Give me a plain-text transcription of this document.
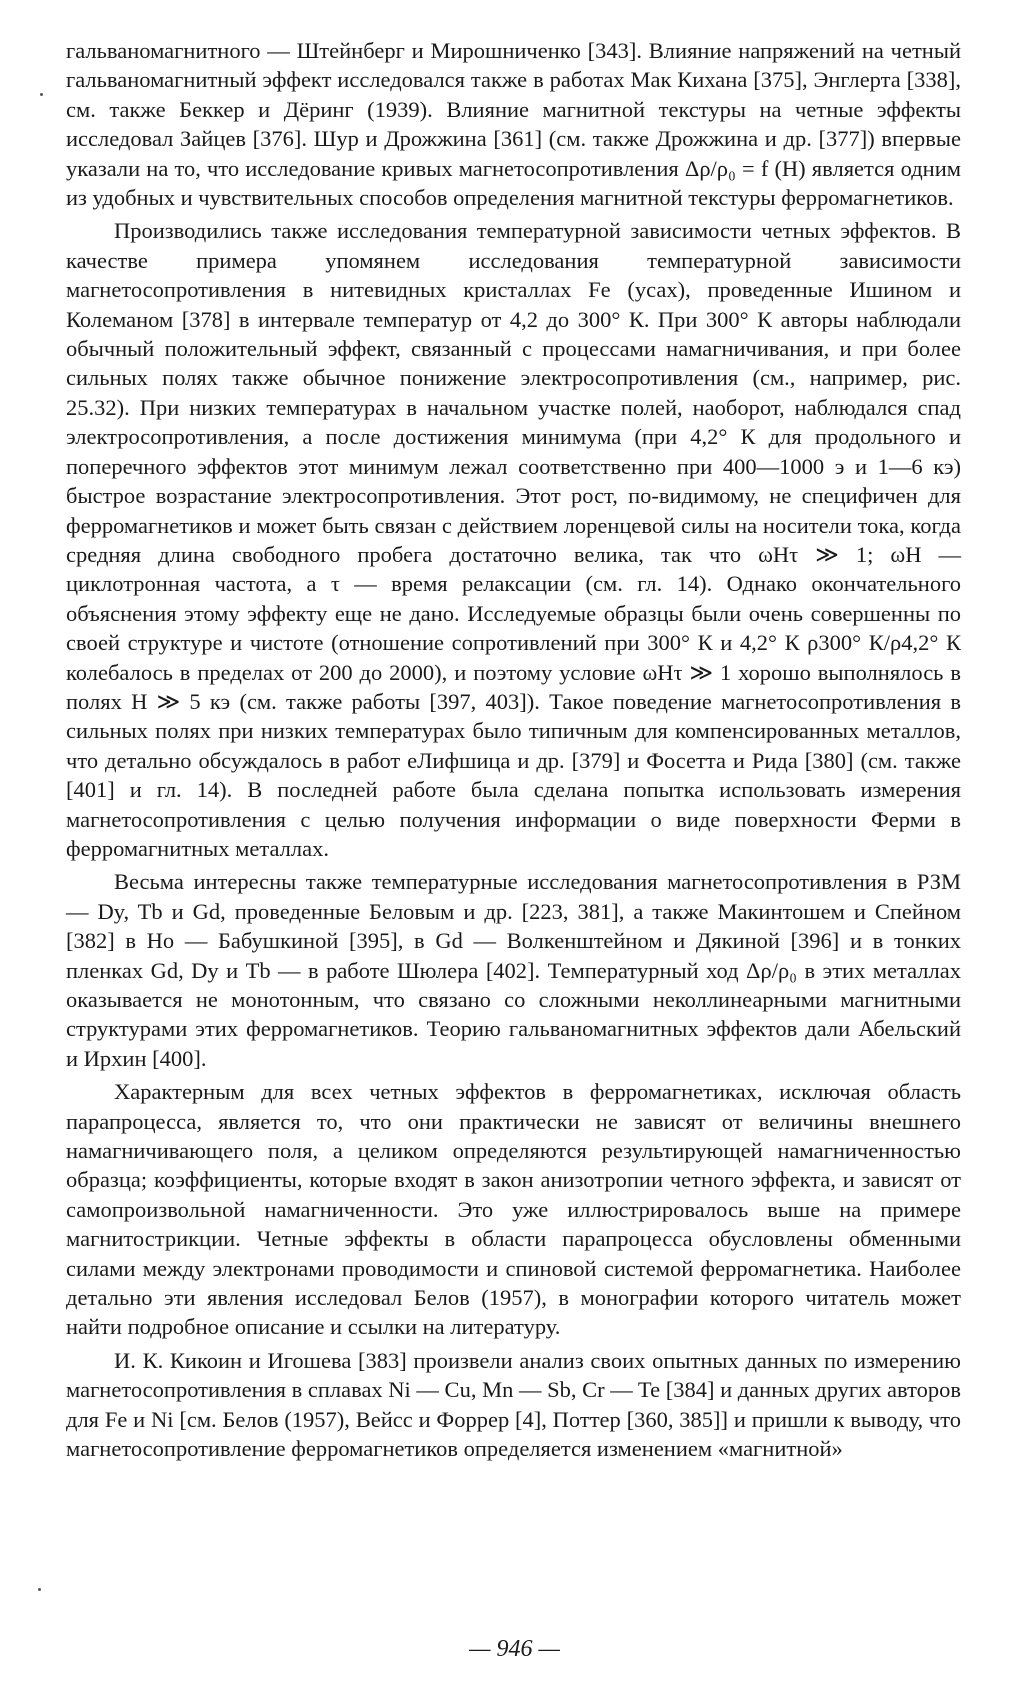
гальваномагнитного — Штейнберг и Мирошниченко [343]. Влияние напряжений на четный гальваномагнитный эффект исследовался также в работах Мак Кихана [375], Энглерта [338], см. также Беккер и Дёринг (1939). Влияние магнитной текстуры на четные эффекты исследовал Зайцев [376]. Шур и Дрожжина [361] (см. также Дрожжина и др. [377]) впервые указали на то, что исследование кривых магнетосопротивления Δρ/ρ₀ = f (H) является одним из удобных и чувствительных способов определения магнитной текстуры ферромагнетиков.

Производились также исследования температурной зависимости четных эффектов. В качестве примера упомянем исследования температурной зависимости магнетосопротивления в нитевидных кристаллах Fe (усах), проведенные Ишином и Колеманом [378] в интервале температур от 4,2 до 300° К. При 300° К авторы наблюдали обычный положительный эффект, связанный с процессами намагничивания, и при более сильных полях также обычное понижение электросопротивления (см., например, рис. 25.32). При низких температурах в начальном участке полей, наоборот, наблюдался спад электросопротивления, а после достижения минимума (при 4,2° К для продольного и поперечного эффектов этот минимум лежал соответственно при 400—1000 э и 1—6 кэ) быстрое возрастание электросопротивления. Этот рост, по-видимому, не специфичен для ферромагнетиков и может быть связан с действием лоренцевой силы на носители тока, когда средняя длина свободного пробега достаточно велика, так что ωHτ ≫ 1; ωH — циклотронная частота, а τ — время релаксации (см. гл. 14). Однако окончательного объяснения этому эффекту еще не дано. Исследуемые образцы были очень совершенны по своей структуре и чистоте (отношение сопротивлений при 300° К и 4,2° К ρ300° К/ρ4,2° К колебалось в пределах от 200 до 2000), и поэтому условие ωHτ ≫ 1 хорошо выполнялось в полях H ≫ 5 кэ (см. также работы [397, 403]). Такое поведение магнетосопротивления в сильных полях при низких температурах было типичным для компенсированных металлов, что детально обсуждалось в работ еЛифшица и др. [379] и Фосетта и Рида [380] (см. также [401] и гл. 14). В последней работе была сделана попытка использовать измерения магнетосопротивления с целью получения информации о виде поверхности Ферми в ферромагнитных металлах.

Весьма интересны также температурные исследования магнетосопротивления в РЗМ — Dy, Tb и Gd, проведенные Беловым и др. [223, 381], а также Макинтошем и Спейном [382] в Но — Бабушкиной [395], в Gd — Волкенштейном и Дякиной [396] и в тонких пленках Gd, Dy и Tb — в работе Шюлера [402]. Температурный ход Δρ/ρ₀ в этих металлах оказывается не монотонным, что связано со сложными неколлинеарными магнитными структурами этих ферромагнетиков. Теорию гальваномагнитных эффектов дали Абельский и Ирхин [400].

Характерным для всех четных эффектов в ферромагнетиках, исключая область парапроцесса, является то, что они практически не зависят от величины внешнего намагничивающего поля, а целиком определяются результирующей намагниченностью образца; коэффициенты, которые входят в закон анизотропии четного эффекта, и зависят от самопроизвольной намагниченности. Это уже иллюстрировалось выше на примере магнитострикции. Четные эффекты в области парапроцесса обусловлены обменными силами между электронами проводимости и спиновой системой ферромагнетика. Наиболее детально эти явления исследовал Белов (1957), в монографии которого читатель может найти подробное описание и ссылки на литературу.

И. К. Кикоин и Игошева [383] произвели анализ своих опытных данных по измерению магнетосопротивления в сплавах Ni — Cu, Mn — Sb, Cr — Te [384] и данных других авторов для Fe и Ni [см. Белов (1957), Вейсс и Форрер [4], Поттер [360, 385]] и пришли к выводу, что магнетосопротивление ферромагнетиков определяется изменением «магнитной»

— 946 —
